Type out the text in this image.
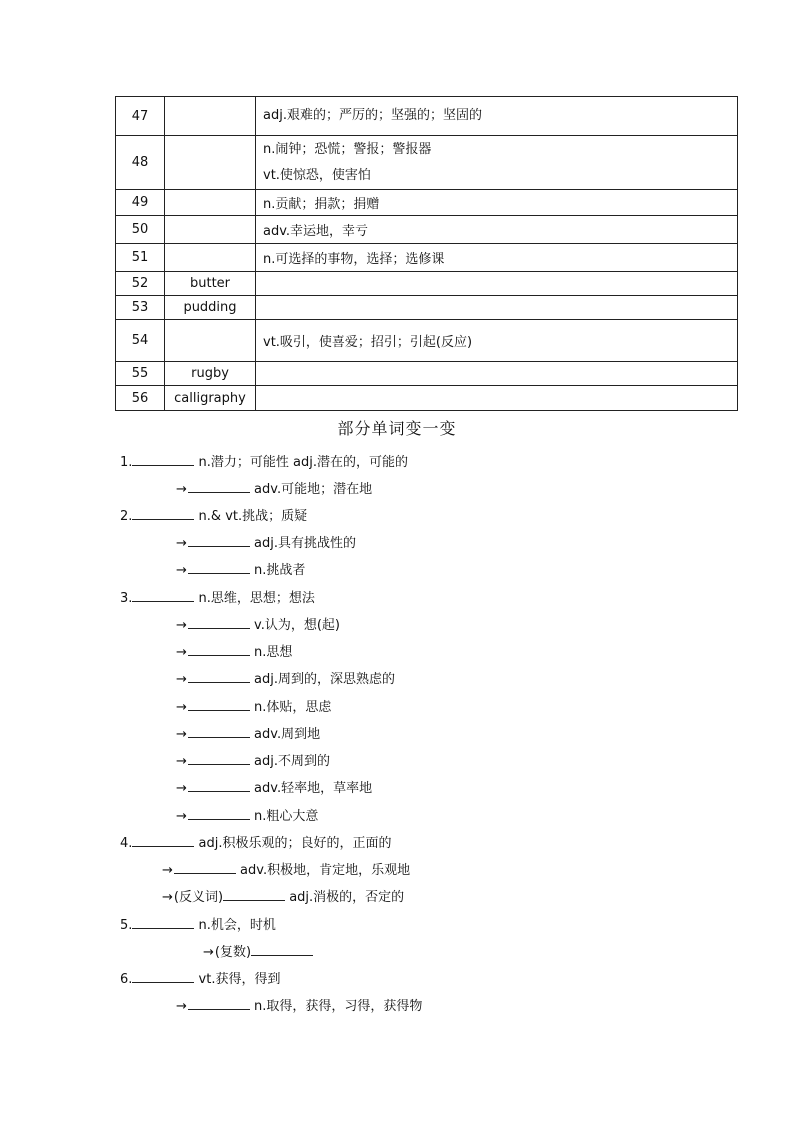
47		adj.艰难的；严厉的；坚强的；坚固的

48		n.闹钟；恐慌；警报；警报器
vt.使惊恐，使害怕

49		n.贡献；捐款；捐赠
50		adv.幸运地，幸亏
51		n.可选择的事物，选择；选修课
52	butter	
53	pudding	
54		vt.吸引，使喜爱；招引；引起(反应)
55	rugby	
56	calligraphy	
部分单词变一变
1.	n.潜力；可能性 adj.潜在的，可能的
→	adv.可能地；潜在地
2.	n.& vt.挑战；质疑
→	adj.具有挑战性的
→	n.挑战者
3.	n.思维，思想；想法
→	v.认为，想(起)
→	n.思想
→	adj.周到的，深思熟虑的
→	n.体贴，思虑
→	adv.周到地
→	adj.不周到的
→	adv.轻率地，草率地
→	n.粗心大意
4.	adj.积极乐观的；良好的，正面的
→	adv.积极地，肯定地，乐观地
→(反义词)	adj.消极的，否定的
5.	n.机会，时机
→(复数)
6.	vt.获得，得到
→	n.取得，获得，习得，获得物
